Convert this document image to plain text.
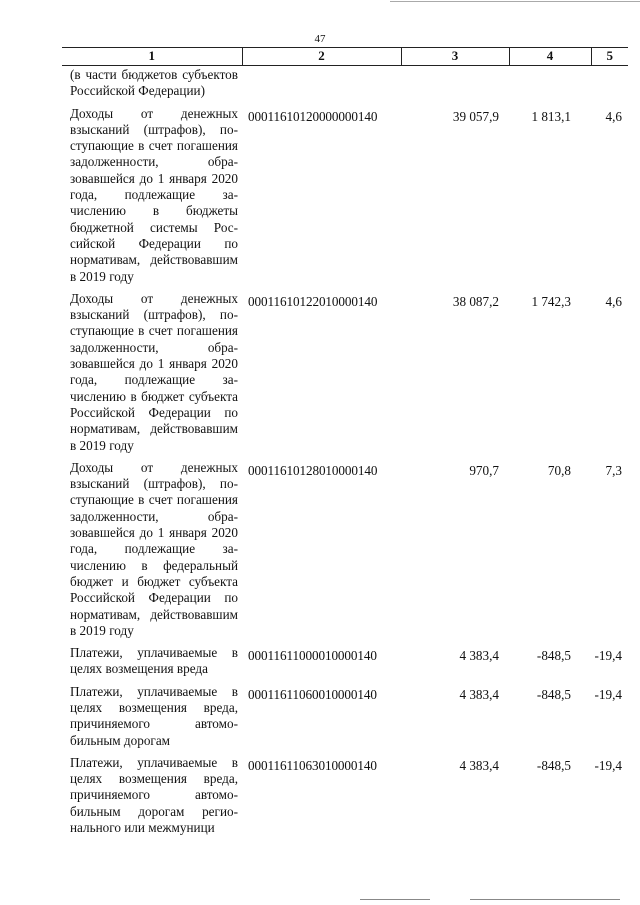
47
1	2	3	4	5
(в части бюджетов субъектов Российской Федерации)				
Доходы от денежных взысканий (штрафов), поступающие в счет погашения задолженности, образовавшейся до 1 января 2020 года, подлежащие зачислению в бюджеты бюджетной системы Российской Федерации по нормативам, действовавшим в 2019 году	00011610120000000140	39 057,9	1 813,1	4,6
Доходы от денежных взысканий (штрафов), поступающие в счет погашения задолженности, образовавшейся до 1 января 2020 года, подлежащие зачислению в бюджет субъекта Российской Федерации по нормативам, действовавшим в 2019 году	00011610122010000140	38 087,2	1 742,3	4,6
Доходы от денежных взысканий (штрафов), поступающие в счет погашения задолженности, образовавшейся до 1 января 2020 года, подлежащие зачислению в федеральный бюджет и бюджет субъекта Российской Федерации по нормативам, действовавшим в 2019 году	00011610128010000140	970,7	70,8	7,3
Платежи, уплачиваемые в целях возмещения вреда	00011611000010000140	4 383,4	-848,5	-19,4
Платежи, уплачиваемые в целях возмещения вреда, причиняемого автомобильным дорогам	00011611060010000140	4 383,4	-848,5	-19,4
Платежи, уплачиваемые в целях возмещения вреда, причиняемого автомобильным дорогам регионального или межмуници	00011611063010000140	4 383,4	-848,5	-19,4
